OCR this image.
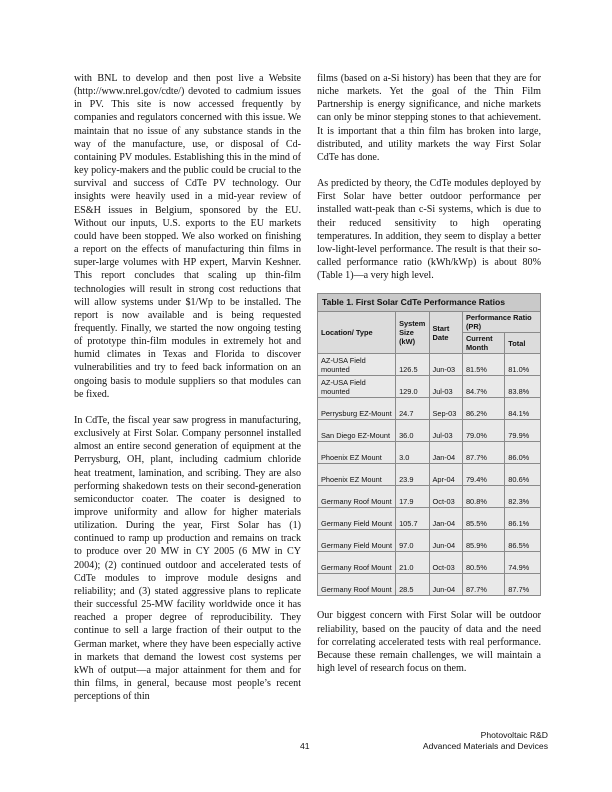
with BNL to develop and then post live a Website (http://www.nrel.gov/cdte/) devoted to cadmium issues in PV. This site is now accessed frequently by companies and regulators concerned with this issue. We maintain that no issue of any substance stands in the way of the manufacture, use, or disposal of Cd-containing PV modules. Establishing this in the mind of key policy-makers and the public could be crucial to the survival and success of CdTe PV technology. Our insights were heavily used in a mid-year review of ES&H issues in Belgium, sponsored by the EU. Without our inputs, U.S. exports to the EU markets could have been stopped. We also worked on finishing a report on the effects of manufacturing thin films in super-large volumes with HP expert, Marvin Keshner. This report concludes that scaling up thin-film technologies will result in strong cost reductions that will allow systems under $1/Wp to be installed. The report is now available and is being requested frequently. Finally, we started the now ongoing testing of prototype thin-film modules in extremely hot and humid climates in Texas and Florida to discover vulnerabilities and try to feed back information on an ongoing basis to module suppliers so that modules can be fixed.

In CdTe, the fiscal year saw progress in manufacturing, exclusively at First Solar. Company personnel installed almost an entire second generation of equipment at the Perrysburg, OH, plant, including cadmium chloride heat treatment, lamination, and scribing. They are also performing shakedown tests on their second-generation semiconductor coater. The coater is designed to improve uniformity and allow for higher materials utilization. During the year, First Solar has (1) continued to ramp up production and remains on track to produce over 20 MW in CY 2005 (6 MW in CY 2004); (2) continued outdoor and accelerated tests of CdTe modules to improve module designs and reliability; and (3) stated aggressive plans to replicate their successful 25-MW facility worldwide once it has reached a proper degree of reproducibility. They continue to sell a large fraction of their output to the German market, where they have been especially active in markets that demand the lowest cost systems per kWh of output—a major attainment for them and for thin films, in general, because most people’s recent perceptions of thin

films (based on a-Si history) has been that they are for niche markets. Yet the goal of the Thin Film Partnership is energy significance, and niche markets can only be minor stepping stones to that achievement. It is important that a thin film has broken into large, distributed, and utility markets the way First Solar CdTe has done.

As predicted by theory, the CdTe modules deployed by First Solar have better outdoor performance per installed watt-peak than c-Si systems, which is due to their reduced sensitivity to high operating temperatures. In addition, they seem to display a better low-light-level performance. The result is that their so-called performance ratio (kWh/kWp) is about 80% (Table 1)—a very high level.

Table 1. First Solar CdTe Performance Ratios				
Location/ Type	System Size (kW)	Start Date	Performance Ratio (PR)	
			Current Month	Total
AZ-USA Field mounted	126.5	Jun-03	81.5%	81.0%
AZ-USA Field mounted	129.0	Jul-03	84.7%	83.8%
Perrysburg EZ-Mount	24.7	Sep-03	86.2%	84.1%
San Diego EZ-Mount	36.0	Jul-03	79.0%	79.9%
Phoenix EZ Mount	3.0	Jan-04	87.7%	86.0%
Phoenix EZ Mount	23.9	Apr-04	79.4%	80.6%
Germany Roof Mount	17.9	Oct-03	80.8%	82.3%
Germany Field Mount	105.7	Jan-04	85.5%	86.1%
Germany Field Mount	97.0	Jun-04	85.9%	86.5%
Germany Roof Mount	21.0	Oct-03	80.5%	74.9%
Germany Roof Mount	28.5	Jun-04	87.7%	87.7%

Our biggest concern with First Solar will be outdoor reliability, based on the paucity of data and the need for correlating accelerated tests with real performance. Because these remain challenges, we will maintain a high level of research focus on them.

Photovoltaic R&D
Advanced Materials and Devices
41
